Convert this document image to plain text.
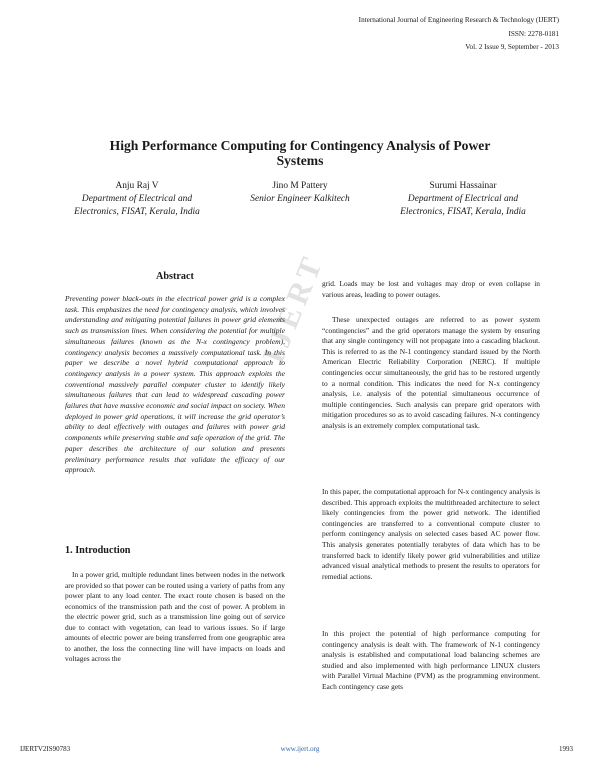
International Journal of Engineering Research & Technology (IJERT)
ISSN: 2278-0181
Vol. 2 Issue 9, September - 2013
IJERT
High Performance Computing for Contingency Analysis of Power Systems
Anju Raj V
Department of Electrical and Electronics, FISAT, Kerala, India
Jino M Pattery
Senior Engineer Kalkitech
Surumi Hassainar
Department of Electrical and Electronics, FISAT, Kerala, India
Abstract

Preventing power black-outs in the electrical power grid is a complex task. This emphasizes the need for contingency analysis, which involves understanding and mitigating potential failures in power grid elements such as transmission lines. When considering the potential for multiple simultaneous failures (known as the N-x contingency problem), contingency analysis becomes a massively computational task. In this paper we describe a novel hybrid computational approach to contingency analysis in a power system. This approach exploits the conventional massively parallel computer cluster to identify likely simultaneous failures that can lead to widespread cascading power failures that have massive economic and social impact on society. When deployed in power grid operations, it will increase the grid operator’s ability to deal effectively with outages and failures with power grid components while preserving stable and safe operation of the grid. The paper describes the architecture of our solution and presents preliminary performance results that validate the efficacy of our approach.

1. Introduction

In a power grid, multiple redundant lines between nodes in the network are provided so that power can be routed using a variety of paths from any power plant to any load center. The exact route chosen is based on the economics of the transmission path and the cost of power. A problem in the electric power grid, such as a transmission line going out of service due to contact with vegetation, can lead to various issues. So if large amounts of electric power are being transferred from one geographic area to another, the loss the connecting line will have impacts on loads and voltages across the

grid. Loads may be lost and voltages may drop or even collapse in various areas, leading to power outages.

These unexpected outages are referred to as power system “contingencies” and the grid operators manage the system by ensuring that any single contingency will not propagate into a cascading blackout. This is referred to as the N-1 contingency standard issued by the North American Electric Reliability Corporation (NERC). If multiple contingencies occur simultaneously, the grid has to be restored urgently to a normal condition. This indicates the need for N-x contingency analysis, i.e. analysis of the potential simultaneous occurrence of multiple contingencies. Such analysis can prepare grid operators with mitigation procedures so as to avoid cascading failures. N-x contingency analysis is an extremely complex computational task.

In this paper, the computational approach for N-x contingency analysis is described. This approach exploits the multithreaded architecture to select likely contingencies from the power grid network. The identified contingencies are transferred to a conventional compute cluster to perform contingency analysis on selected cases based AC power flow. This analysis generates potentially terabytes of data which has to be transferred back to identify likely power grid vulnerabilities and utilize advanced visual analytical methods to present the results to operators for remedial actions.

In this project the potential of high performance computing for contingency analysis is dealt with. The framework of N-1 contingency analysis is established and computational load balancing schemes are studied and also implemented with high performance LINUX clusters with Parallel Virtual Machine (PVM) as the programming environment. Each contingency case gets

IJERTV2IS90783	www.ijert.org	1993
